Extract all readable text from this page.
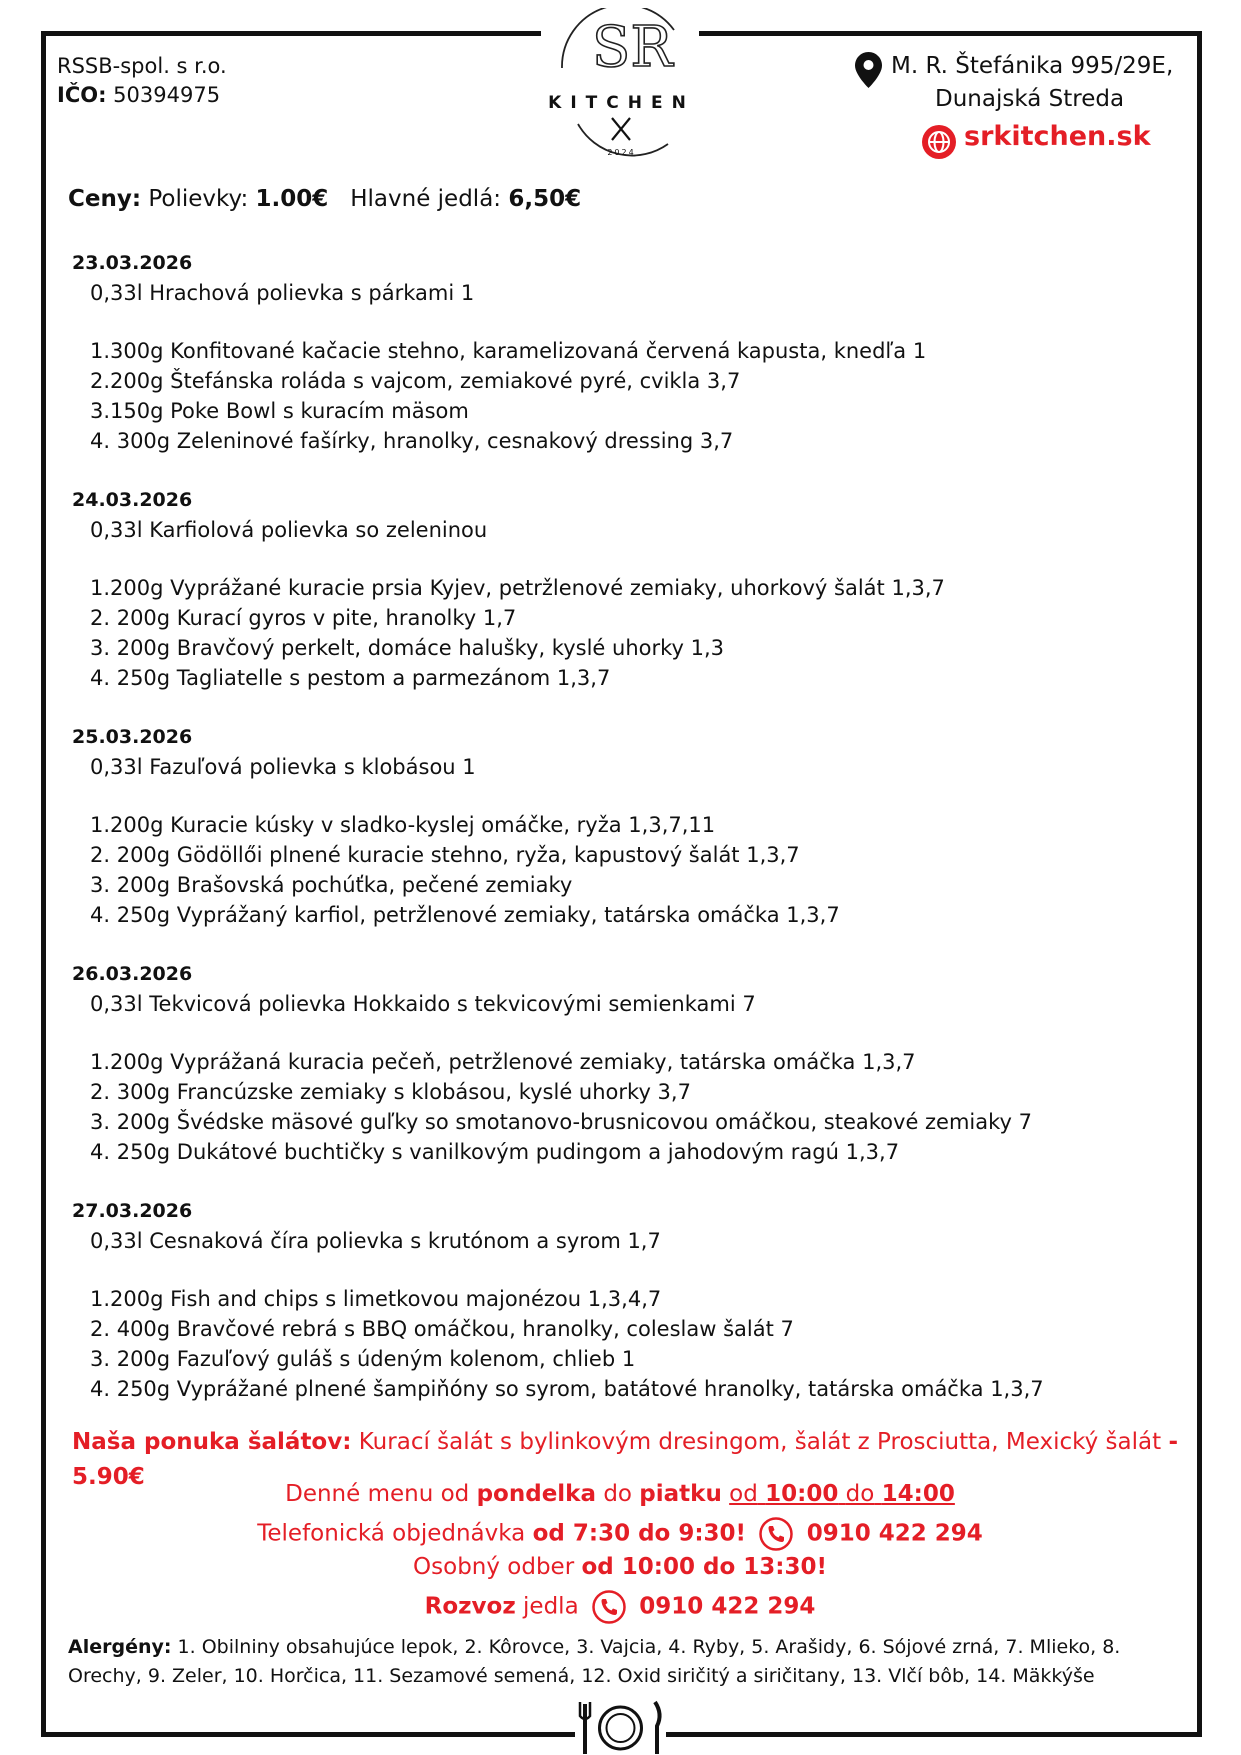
RSSB-spol. s r.o.
IČO: 50394975
SR
KITCHEN
2024
M. R. Štefánika 995/29E,
Dunajská Streda
srkitchen.sk
Ceny: Polievky: 1.00€ Hlavné jedlá: 6,50€
23.03.2026
0,33l Hrachová polievka s párkami 1
1.300g Konfitované kačacie stehno, karamelizovaná červená kapusta, knedľa 1
2.200g Štefánska roláda s vajcom, zemiakové pyré, cvikla 3,7
3.150g Poke Bowl s kuracím mäsom
4. 300g Zeleninové fašírky, hranolky, cesnakový dressing 3,7
24.03.2026
0,33l Karfiolová polievka so zeleninou
1.200g Vyprážané kuracie prsia Kyjev, petržlenové zemiaky, uhorkový šalát 1,3,7
2. 200g Kurací gyros v pite, hranolky 1,7
3. 200g Bravčový perkelt, domáce halušky, kyslé uhorky 1,3
4. 250g Tagliatelle s pestom a parmezánom 1,3,7
25.03.2026
0,33l Fazuľová polievka s klobásou 1
1.200g Kuracie kúsky v sladko-kyslej omáčke, ryža 1,3,7,11
2. 200g Gödöllői plnené kuracie stehno, ryža, kapustový šalát 1,3,7
3. 200g Brašovská pochúťka, pečené zemiaky
4. 250g Vyprážaný karfiol, petržlenové zemiaky, tatárska omáčka 1,3,7
26.03.2026
0,33l Tekvicová polievka Hokkaido s tekvicovými semienkami 7
1.200g Vyprážaná kuracia pečeň, petržlenové zemiaky, tatárska omáčka 1,3,7
2. 300g Francúzske zemiaky s klobásou, kyslé uhorky 3,7
3. 200g Švédske mäsové guľky so smotanovo-brusnicovou omáčkou, steakové zemiaky 7
4. 250g Dukátové buchtičky s vanilkovým pudingom a jahodovým ragú 1,3,7
27.03.2026
0,33l Cesnaková číra polievka s krutónom a syrom 1,7
1.200g Fish and chips s limetkovou majonézou 1,3,4,7
2. 400g Bravčové rebrá s BBQ omáčkou, hranolky, coleslaw šalát 7
3. 200g Fazuľový guláš s údeným kolenom, chlieb 1
4. 250g Vyprážané plnené šampiňóny so syrom, batátové hranolky, tatárska omáčka 1,3,7
Naša ponuka šalátov: Kurací šalát s bylinkovým dresingom, šalát z Prosciutta, Mexický šalát - 5.90€
Denné menu od pondelka do piatku od 10:00 do 14:00
Telefonická objednávka od 7:30 do 9:30!	0910 422 294
Osobný odber od 10:00 do 13:30!
Rozvoz jedla	0910 422 294
Alergény: 1. Obilniny obsahujúce lepok, 2. Kôrovce, 3. Vajcia, 4. Ryby, 5. Arašidy, 6. Sójové zrná, 7. Mlieko, 8. Orechy, 9. Zeler, 10. Horčica, 11. Sezamové semená, 12. Oxid siričitý a siričitany, 13. Vlčí bôb, 14. Mäkkýše
